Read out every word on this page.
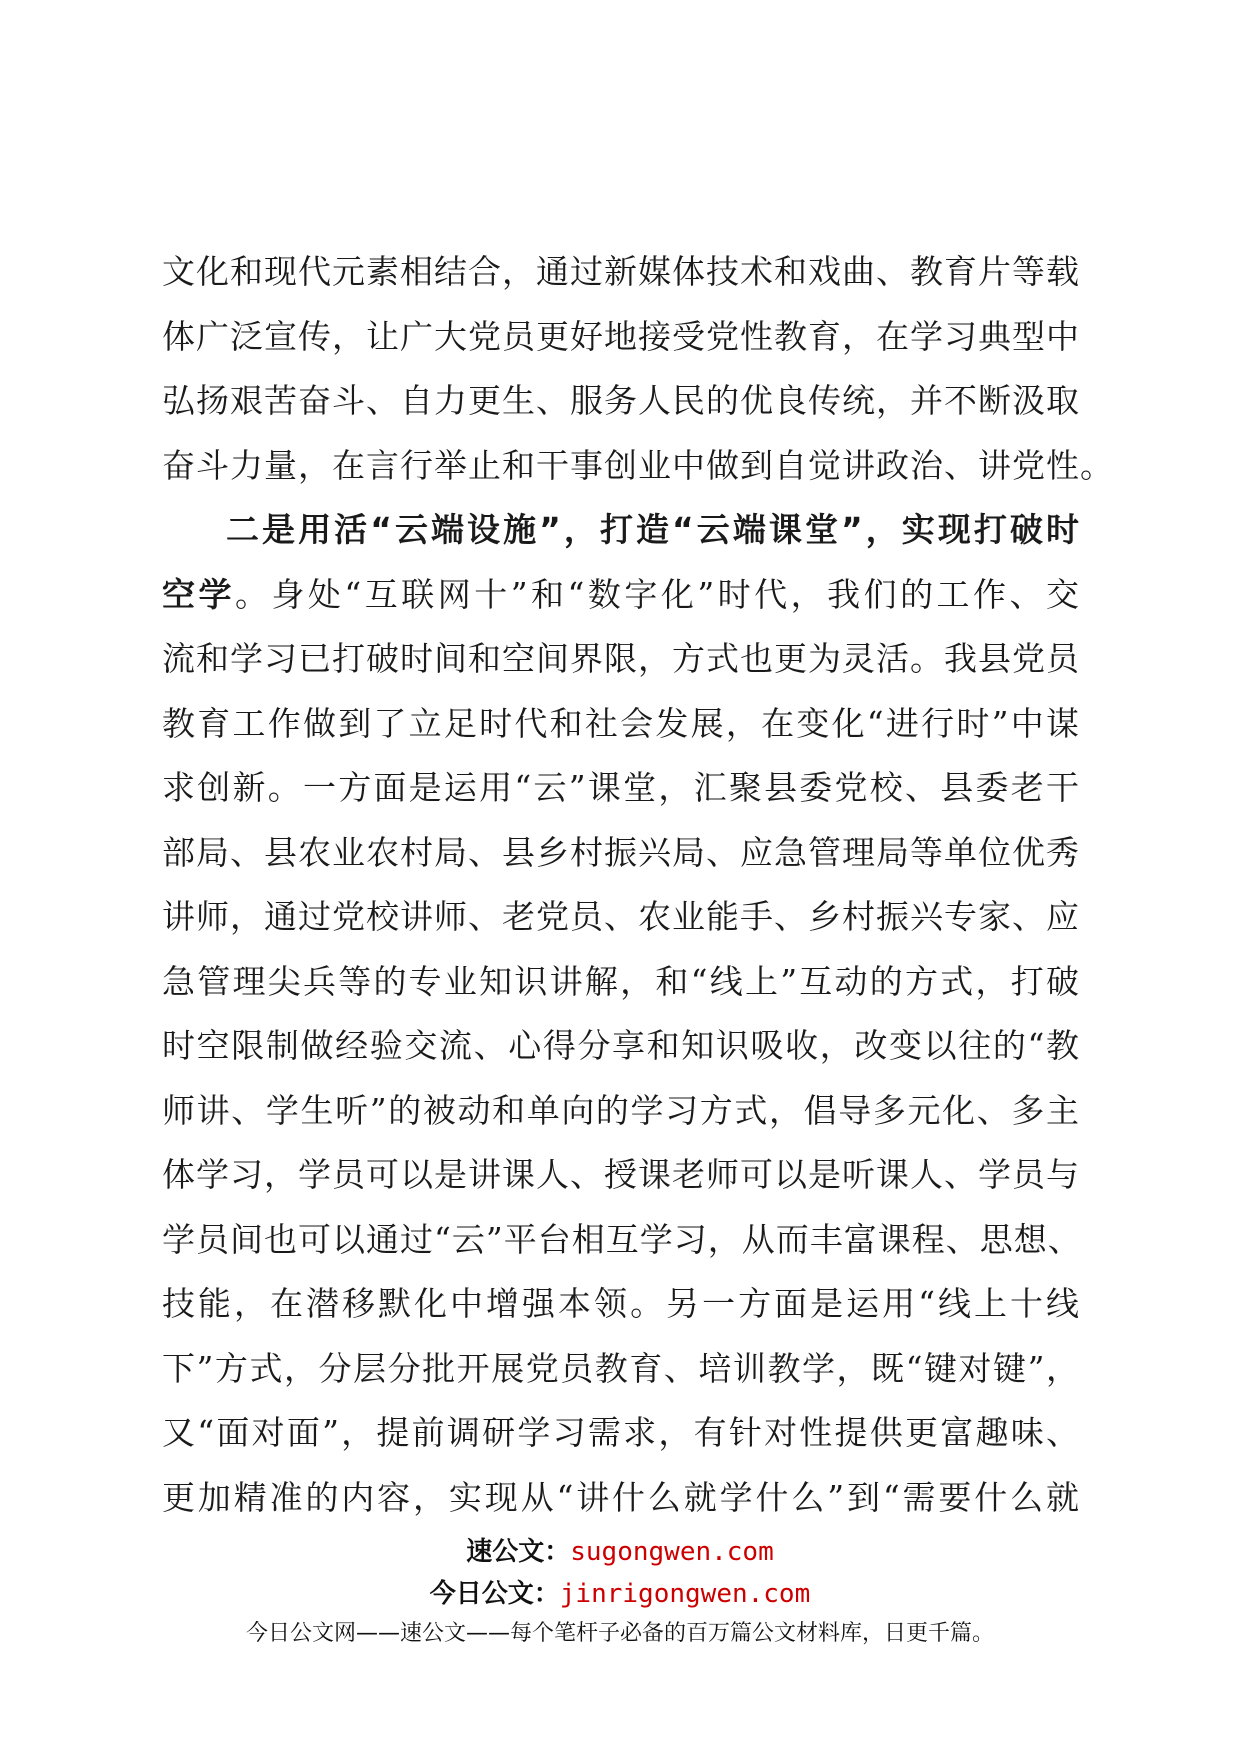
文化和现代元素相结合，通过新媒体技术和戏曲、教育片等载
体广泛宣传，让广大党员更好地接受党性教育，在学习典型中
弘扬艰苦奋斗、自力更生、服务人民的优良传统，并不断汲取
奋斗力量，在言行举止和干事创业中做到自觉讲政治、讲党性。
二是用活“云端设施”，打造“云端课堂”，实现打破时
空学。身处“互联网十”和“数字化”时代，我们的工作、交
流和学习已打破时间和空间界限，方式也更为灵活。我县党员
教育工作做到了立足时代和社会发展，在变化“进行时”中谋
求创新。一方面是运用“云”课堂，汇聚县委党校、县委老干
部局、县农业农村局、县乡村振兴局、应急管理局等单位优秀
讲师，通过党校讲师、老党员、农业能手、乡村振兴专家、应
急管理尖兵等的专业知识讲解，和“线上”互动的方式，打破
时空限制做经验交流、心得分享和知识吸收，改变以往的“教
师讲、学生听”的被动和单向的学习方式，倡导多元化、多主
体学习，学员可以是讲课人、授课老师可以是听课人、学员与
学员间也可以通过“云”平台相互学习，从而丰富课程、思想、
技能，在潜移默化中增强本领。另一方面是运用“线上十线
下”方式，分层分批开展党员教育、培训教学，既“键对键”，
又“面对面”，提前调研学习需求，有针对性提供更富趣味、
更加精准的内容，实现从“讲什么就学什么”到“需要什么就
速公文：sugongwen.com
今日公文：jinrigongwen.com
今日公文网——速公文——每个笔杆子必备的百万篇公文材料库，日更千篇。
